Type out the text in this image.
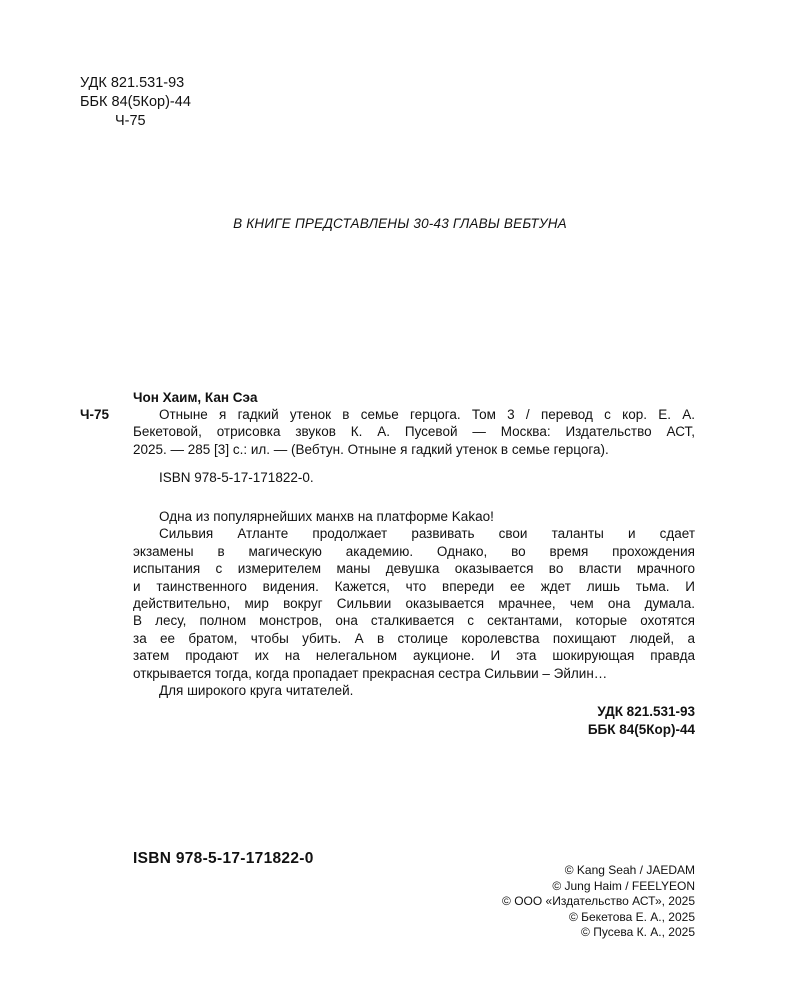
УДК 821.531-93
ББК 84(5Кор)-44
Ч-75
В КНИГЕ ПРЕДСТАВЛЕНЫ 30-43 ГЛАВЫ ВЕБТУНА
Чон Хаим, Кан Сэа
Ч-75	Отныне я гадкий утенок в семье герцога. Том 3 / перевод с кор. Е. А.
Бекетовой, отрисовка звуков К. А. Пусевой — Москва: Издательство АСТ,
2025. — 285 [3] с.: ил. — (Вебтун. Отныне я гадкий утенок в семье герцога).
ISBN 978-5-17-171822-0.
Одна из популярнейших манхв на платформе Kakao!
Сильвия Атланте продолжает развивать свои таланты и сдает
экзамены в магическую академию. Однако, во время прохождения
испытания с измерителем маны девушка оказывается во власти мрачного
и таинственного видения. Кажется, что впереди ее ждет лишь тьма. И
действительно, мир вокруг Сильвии оказывается мрачнее, чем она думала.
В лесу, полном монстров, она сталкивается с сектантами, которые охотятся
за ее братом, чтобы убить. А в столице королевства похищают людей, а
затем продают их на нелегальном аукционе. И эта шокирующая правда
открывается тогда, когда пропадает прекрасная сестра Сильвии – Эйлин…
Для широкого круга читателей.
УДК 821.531-93
ББК 84(5Кор)-44
ISBN 978-5-17-171822-0
© Kang Seah / JAEDAM
© Jung Haim / FEELYEON
© ООО «Издательство АСТ», 2025
© Бекетова Е. А., 2025
© Пусева К. А., 2025
